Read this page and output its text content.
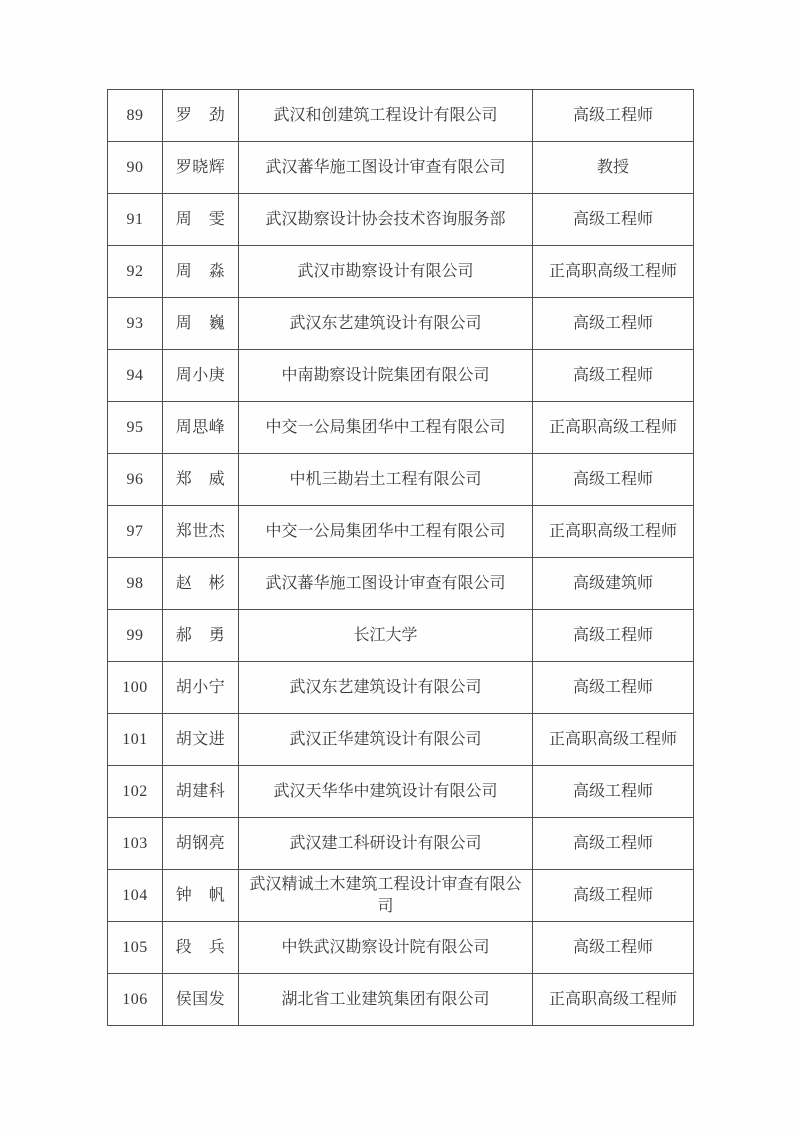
89	罗　劲	武汉和创建筑工程设计有限公司	高级工程师
90	罗晓辉	武汉蕃华施工图设计审查有限公司	教授
91	周　雯	武汉勘察设计协会技术咨询服务部	高级工程师
92	周　淼	武汉市勘察设计有限公司	正高职高级工程师
93	周　巍	武汉东艺建筑设计有限公司	高级工程师
94	周小庚	中南勘察设计院集团有限公司	高级工程师
95	周思峰	中交一公局集团华中工程有限公司	正高职高级工程师
96	郑　威	中机三勘岩土工程有限公司	高级工程师
97	郑世杰	中交一公局集团华中工程有限公司	正高职高级工程师
98	赵　彬	武汉蕃华施工图设计审查有限公司	高级建筑师
99	郝　勇	长江大学	高级工程师
100	胡小宁	武汉东艺建筑设计有限公司	高级工程师
101	胡文进	武汉正华建筑设计有限公司	正高职高级工程师
102	胡建科	武汉天华华中建筑设计有限公司	高级工程师
103	胡钢亮	武汉建工科研设计有限公司	高级工程师
104	钟　帆	武汉精诚土木建筑工程设计审查有限公司	高级工程师
105	段　兵	中铁武汉勘察设计院有限公司	高级工程师
106	侯国发	湖北省工业建筑集团有限公司	正高职高级工程师
